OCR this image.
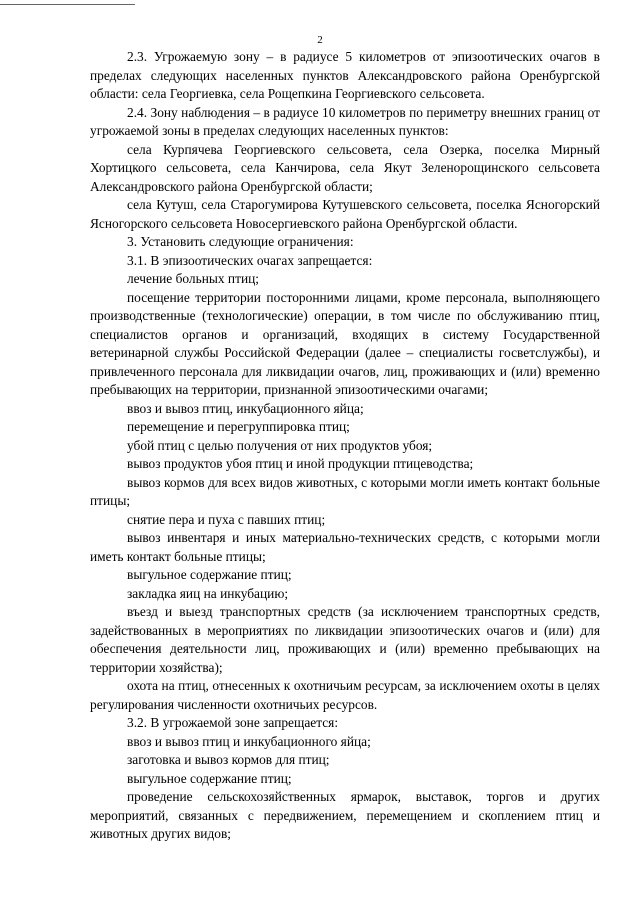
2

2.3. Угрожаемую зону – в радиусе 5 километров от эпизоотических очагов в пределах следующих населенных пунктов Александровского района Оренбургской области: села Георгиевка, села Рощепкина Георгиевского сельсовета.

2.4. Зону наблюдения – в радиусе 10 километров по периметру внешних границ от угрожаемой зоны в пределах следующих населенных пунктов:

села Курпячева Георгиевского сельсовета, села Озерка, поселка Мирный Хортицкого сельсовета, села Канчирова, села Якут Зеленорощинского сельсовета Александровского района Оренбургской области;

села Кутуш, села Старогумирова Кутушевского сельсовета, поселка Ясногорский Ясногорского сельсовета Новосергиевского района Оренбургской области.

3. Установить следующие ограничения:

3.1. В эпизоотических очагах запрещается:

лечение больных птиц;

посещение территории посторонними лицами, кроме персонала, выполняющего производственные (технологические) операции, в том числе по обслуживанию птиц, специалистов органов и организаций, входящих в систему Государственной ветеринарной службы Российской Федерации (далее – специалисты госветслужбы), и привлеченного персонала для ликвидации очагов, лиц, проживающих и (или) временно пребывающих на территории, признанной эпизоотическими очагами;

ввоз и вывоз птиц, инкубационного яйца;

перемещение и перегруппировка птиц;

убой птиц с целью получения от них продуктов убоя;

вывоз продуктов убоя птиц и иной продукции птицеводства;

вывоз кормов для всех видов животных, с которыми могли иметь контакт больные птицы;

снятие пера и пуха с павших птиц;

вывоз инвентаря и иных материально-технических средств, с которыми могли иметь контакт больные птицы;

выгульное содержание птиц;

закладка яиц на инкубацию;

въезд и выезд транспортных средств (за исключением транспортных средств, задействованных в мероприятиях по ликвидации эпизоотических очагов и (или) для обеспечения деятельности лиц, проживающих и (или) временно пребывающих на территории хозяйства);

охота на птиц, отнесенных к охотничьим ресурсам, за исключением охоты в целях регулирования численности охотничьих ресурсов.

3.2. В угрожаемой зоне запрещается:

ввоз и вывоз птиц и инкубационного яйца;

заготовка и вывоз кормов для птиц;

выгульное содержание птиц;

проведение сельскохозяйственных ярмарок, выставок, торгов и других мероприятий, связанных с передвижением, перемещением и скоплением птиц и животных других видов;
